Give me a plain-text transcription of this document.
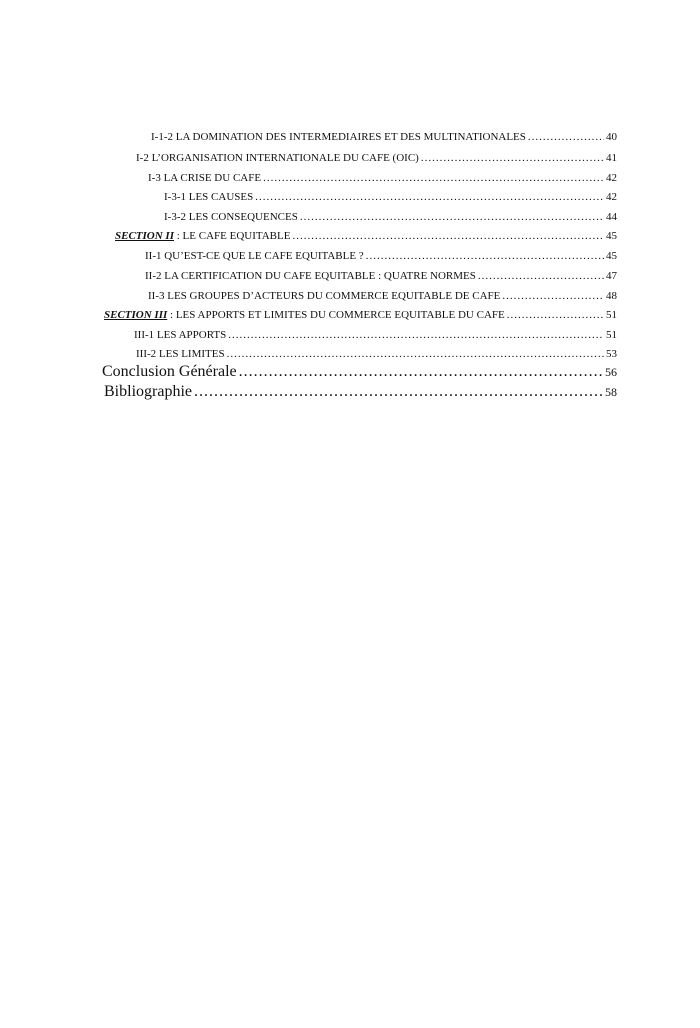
I-1-2 LA DOMINATION DES INTERMEDIAIRES ET DES MULTINATIONALES .....	40
I-2 L’ORGANISATION INTERNATIONALE DU CAFE (OIC) .....	41
I-3 LA CRISE DU CAFE .....	42
I-3-1 LES CAUSES .....	42
I-3-2 LES CONSEQUENCES .....	44
SECTION II : LE CAFE EQUITABLE .....	45
II-1 QU’EST-CE QUE LE CAFE EQUITABLE ? .....	45
II-2 LA CERTIFICATION DU CAFE EQUITABLE : QUATRE NORMES .....	47
II-3 LES GROUPES D’ACTEURS DU COMMERCE EQUITABLE DE CAFE .....	48
SECTION III : LES APPORTS ET LIMITES DU COMMERCE EQUITABLE DU CAFE .....	51
III-1 LES APPORTS .....	51
III-2 LES LIMITES .....	53
Conclusion Générale .....	56
Bibliographie .....	58
